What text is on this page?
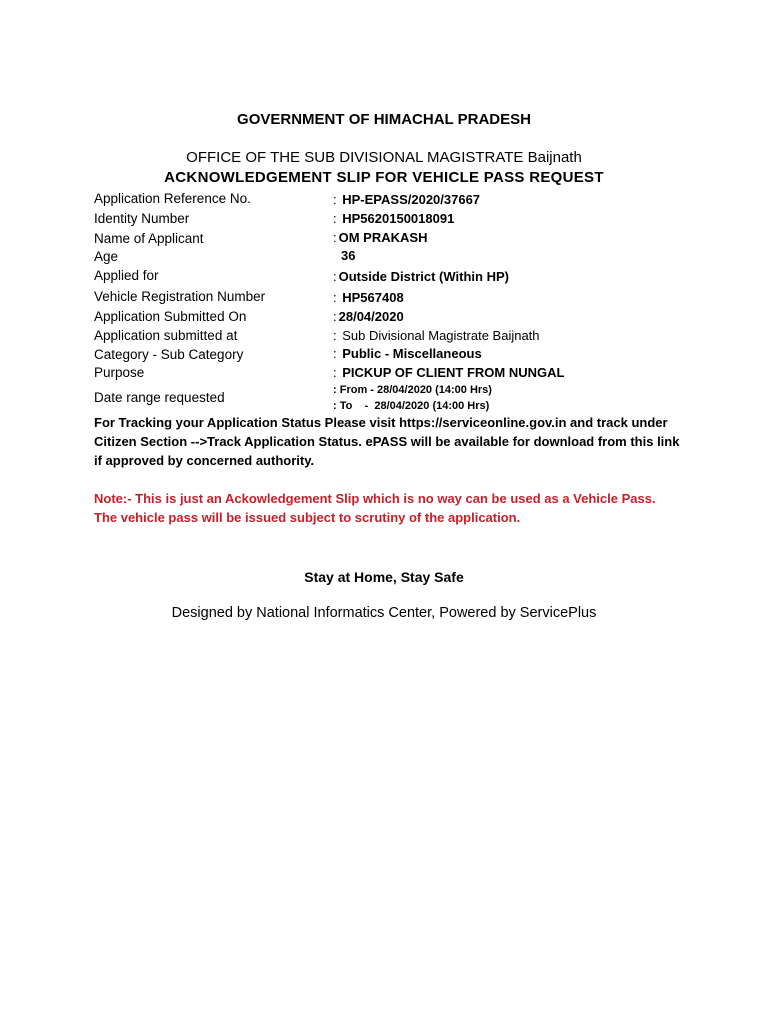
GOVERNMENT OF HIMACHAL PRADESH
OFFICE OF THE SUB DIVISIONAL MAGISTRATE Baijnath
ACKNOWLEDGEMENT SLIP FOR VEHICLE PASS REQUEST
Application Reference No.	: HP-EPASS/2020/37667
Identity Number	: HP5620150018091
Name of Applicant	: OM PRAKASH
Age	36
Applied for	: Outside District (Within HP)
Vehicle Registration Number	: HP567408
Application Submitted On	: 28/04/2020
Application submitted at	: Sub Divisional Magistrate Baijnath
Category - Sub Category	: Public - Miscellaneous
Purpose	: PICKUP OF CLIENT FROM NUNGAL
Date range requested	: From - 28/04/2020 (14:00 Hrs)
: To    -  28/04/2020 (14:00 Hrs)

For Tracking your Application Status Please visit https://serviceonline.gov.in and track under

Citizen Section -->Track Application Status. ePASS will be available for download from this link if approved by concerned authority.

Note:- This is just an Ackowledgement Slip which is no way can be used as a Vehicle Pass.

The vehicle pass will be issued subject to scrutiny of the application.

Stay at Home, Stay Safe
Designed by National Informatics Center, Powered by ServicePlus
